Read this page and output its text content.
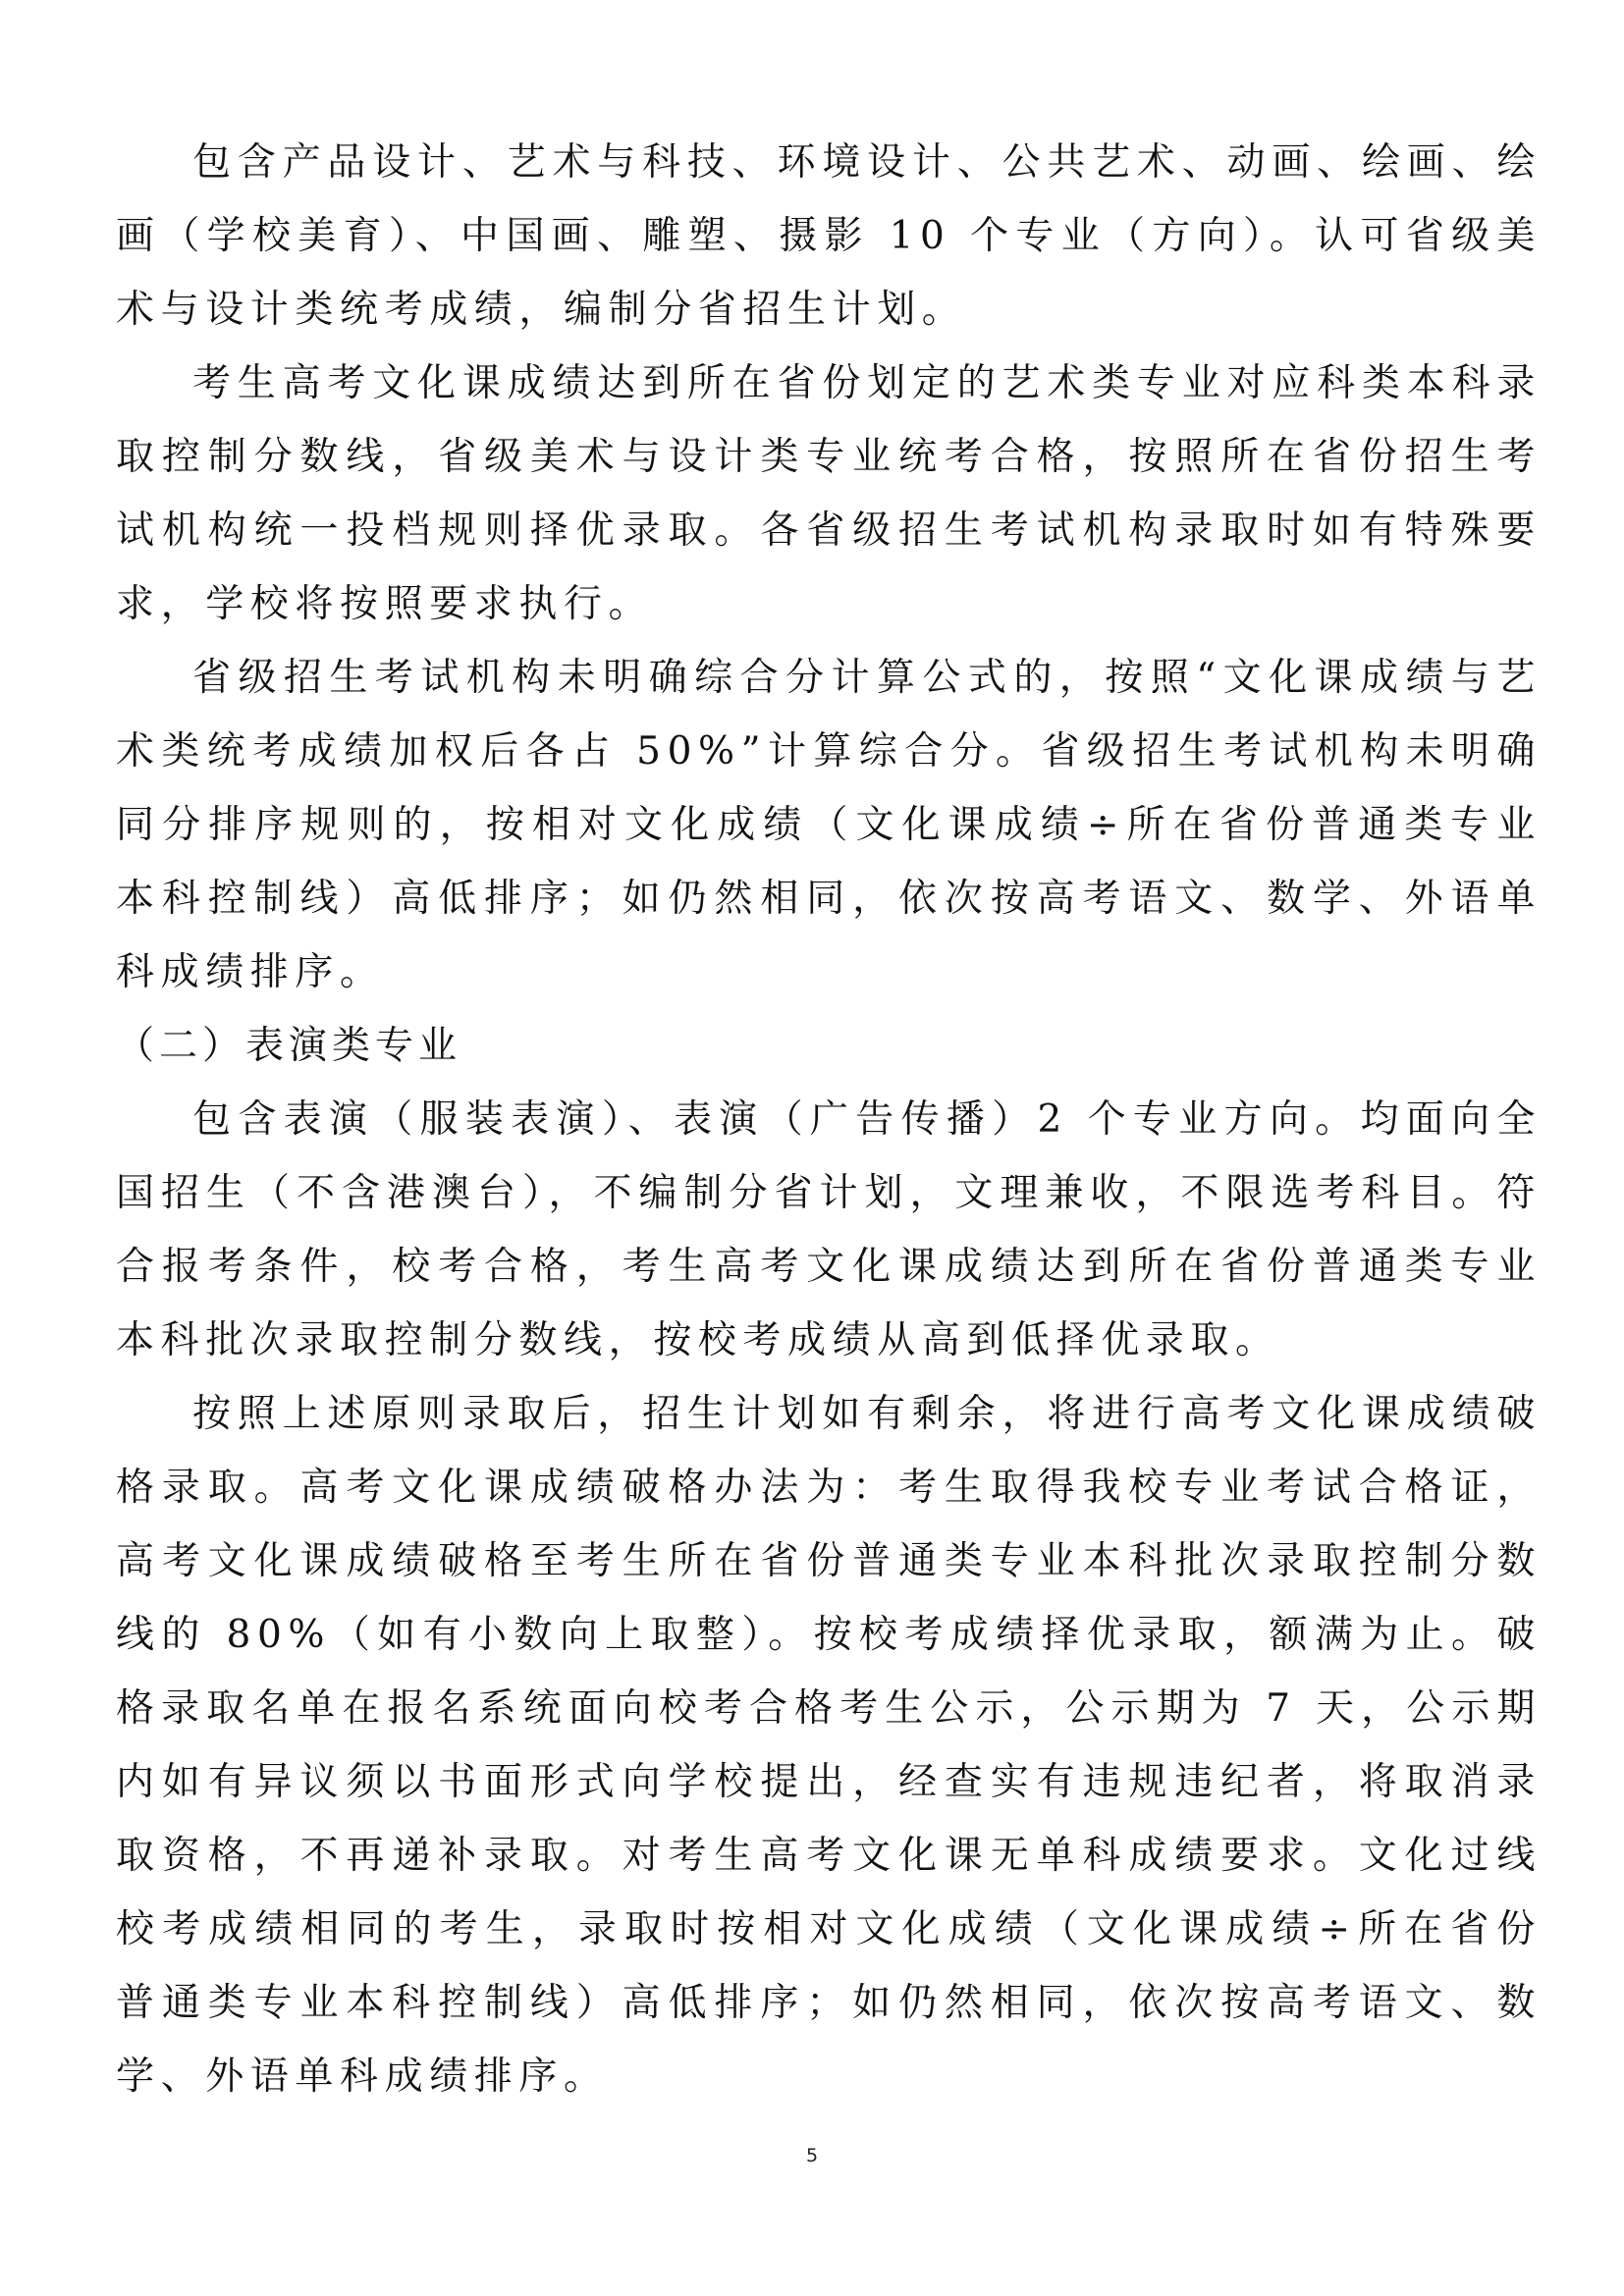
包含产品设计、艺术与科技、环境设计、公共艺术、动画、绘画、绘画（学校美育）、中国画、雕塑、摄影 10 个专业（方向）。认可省级美术与设计类统考成绩，编制分省招生计划。

考生高考文化课成绩达到所在省份划定的艺术类专业对应科类本科录取控制分数线，省级美术与设计类专业统考合格，按照所在省份招生考试机构统一投档规则择优录取。各省级招生考试机构录取时如有特殊要求，学校将按照要求执行。

省级招生考试机构未明确综合分计算公式的，按照“文化课成绩与艺术类统考成绩加权后各占 50%”计算综合分。省级招生考试机构未明确同分排序规则的，按相对文化成绩（文化课成绩÷所在省份普通类专业本科控制线）高低排序；如仍然相同，依次按高考语文、数学、外语单科成绩排序。

（二）表演类专业

包含表演（服装表演）、表演（广告传播）2 个专业方向。均面向全国招生（不含港澳台），不编制分省计划，文理兼收，不限选考科目。符合报考条件，校考合格，考生高考文化课成绩达到所在省份普通类专业本科批次录取控制分数线，按校考成绩从高到低择优录取。

按照上述原则录取后，招生计划如有剩余，将进行高考文化课成绩破格录取。高考文化课成绩破格办法为：考生取得我校专业考试合格证，高考文化课成绩破格至考生所在省份普通类专业本科批次录取控制分数线的 80%（如有小数向上取整）。按校考成绩择优录取，额满为止。破格录取名单在报名系统面向校考合格考生公示，公示期为 7 天，公示期内如有异议须以书面形式向学校提出，经查实有违规违纪者，将取消录取资格，不再递补录取。对考生高考文化课无单科成绩要求。文化过线校考成绩相同的考生，录取时按相对文化成绩（文化课成绩÷所在省份普通类专业本科控制线）高低排序；如仍然相同，依次按高考语文、数学、外语单科成绩排序。

5
